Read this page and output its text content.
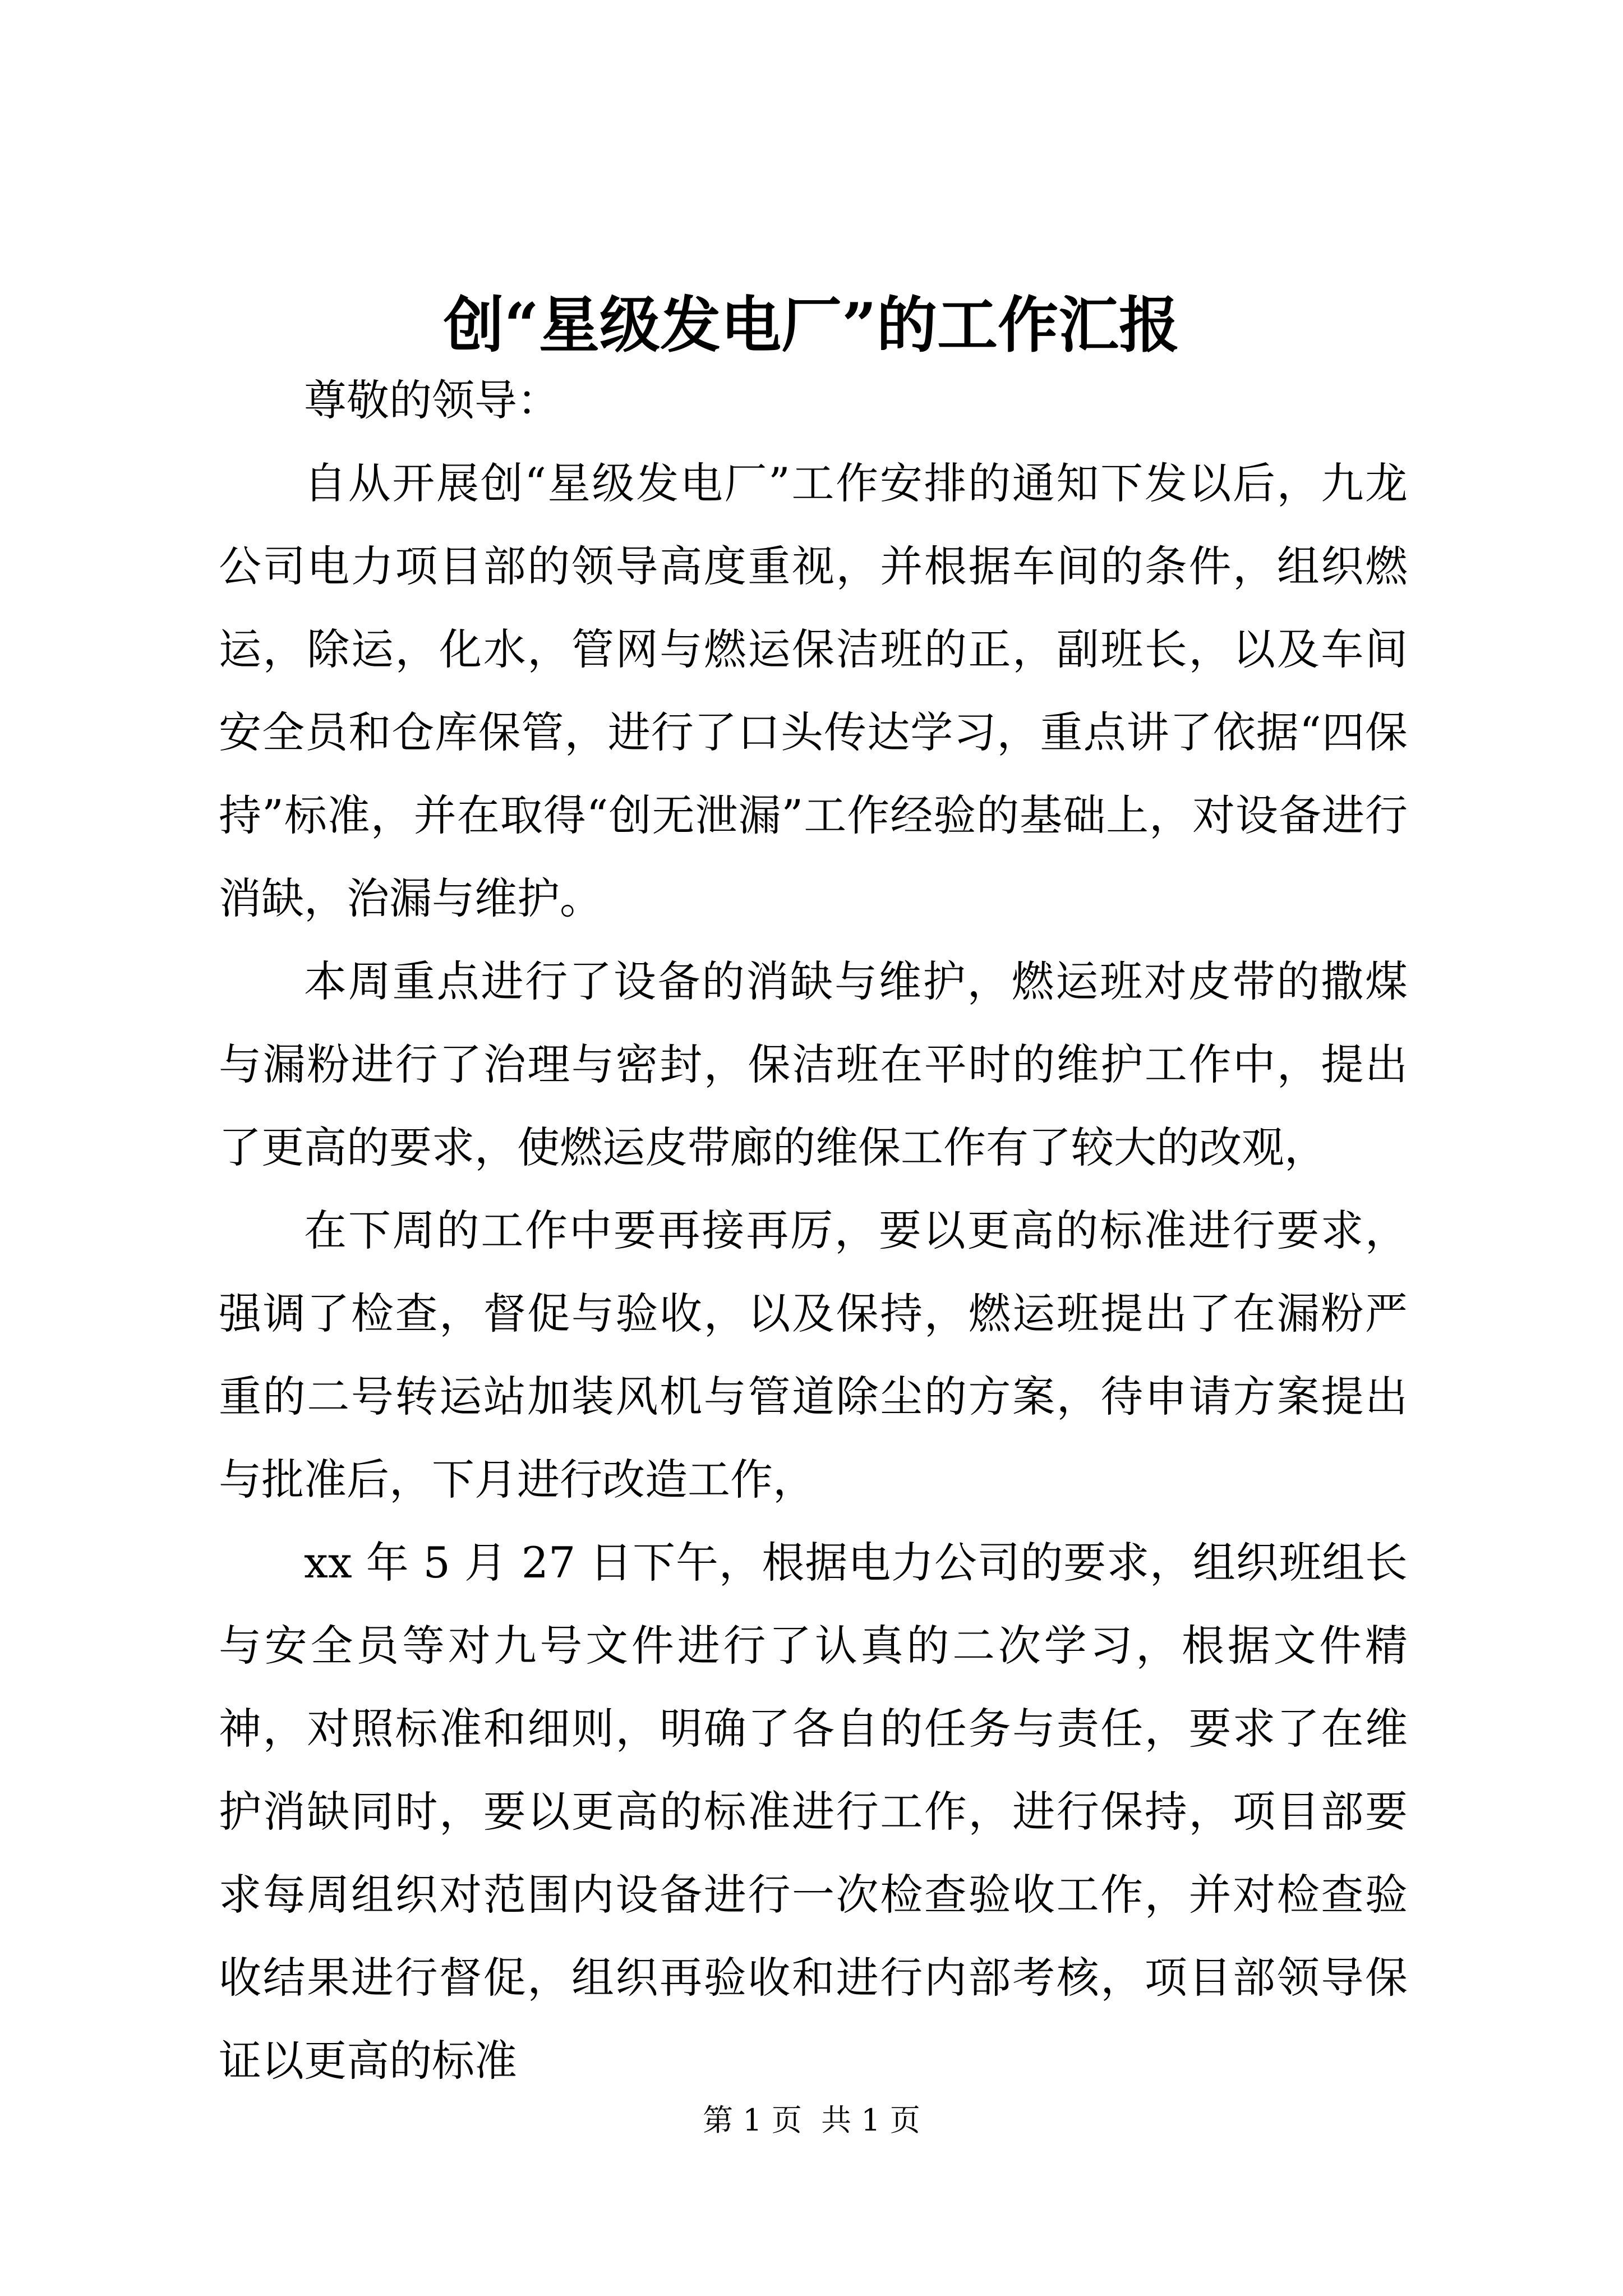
创“星级发电厂”的工作汇报

尊敬的领导：

自从开展创“星级发电厂”工作安排的通知下发以后，九龙公司电力项目部的领导高度重视，并根据车间的条件，组织燃运，除运，化水，管网与燃运保洁班的正，副班长，以及车间安全员和仓库保管，进行了口头传达学习，重点讲了依据“四保持”标准，并在取得“创无泄漏”工作经验的基础上，对设备进行消缺，治漏与维护。

本周重点进行了设备的消缺与维护，燃运班对皮带的撒煤与漏粉进行了治理与密封，保洁班在平时的维护工作中，提出了更高的要求，使燃运皮带廊的维保工作有了较大的改观，

在下周的工作中要再接再厉，要以更高的标准进行要求，强调了检查，督促与验收，以及保持，燃运班提出了在漏粉严重的二号转运站加装风机与管道除尘的方案，待申请方案提出与批准后，下月进行改造工作，

xx 年 5 月 27 日下午，根据电力公司的要求，组织班组长与安全员等对九号文件进行了认真的二次学习，根据文件精神，对照标准和细则，明确了各自的任务与责任，要求了在维护消缺同时，要以更高的标准进行工作，进行保持，项目部要求每周组织对范围内设备进行一次检查验收工作，并对检查验收结果进行督促，组织再验收和进行内部考核，项目部领导保证以更高的标准

第 1 页  共 1 页
